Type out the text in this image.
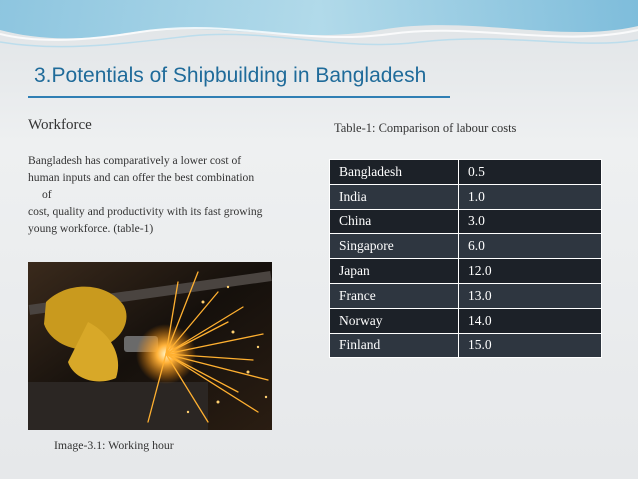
3.Potentials of Shipbuilding in Bangladesh
Workforce
Bangladesh has comparatively a lower cost of
human inputs and can offer the best combination

of
cost, quality and productivity with its fast growing
young workforce. (table-1)
Image-3.1: Working hour
Table-1: Comparison of labour costs
Bangladesh	0.5
India	1.0
China	3.0
Singapore	6.0
Japan	12.0
France	13.0
Norway	14.0
Finland	15.0
